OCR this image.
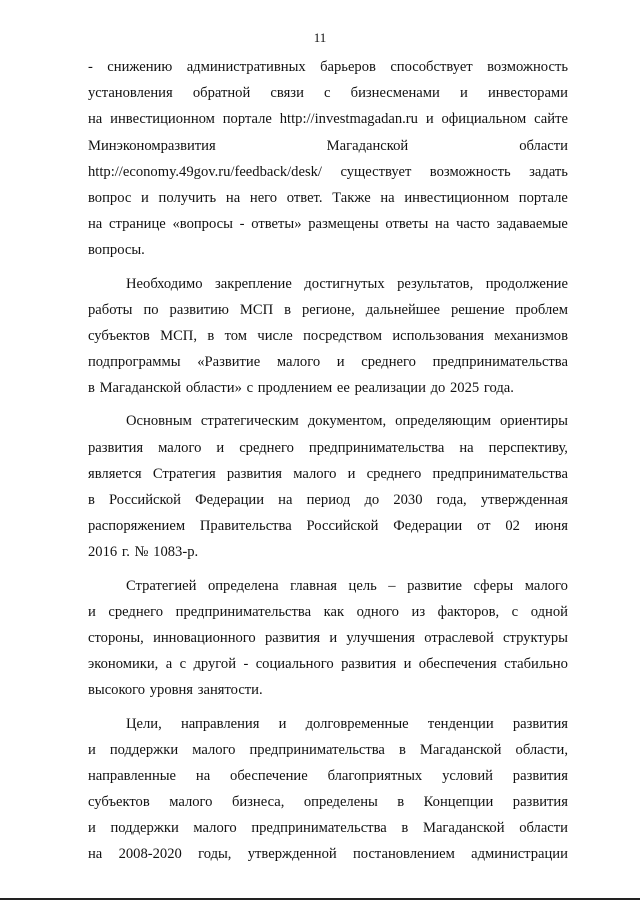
11
- снижению административных барьеров способствует возможность
установления обратной связи с бизнесменами и инвесторами
на инвестиционном портале http://investmagadan.ru и официальном сайте
Минэкономразвития	Магаданской	области
http://economy.49gov.ru/feedback/desk/ существует возможность задать
вопрос и получить на него ответ. Также на инвестиционном портале
на странице «вопросы - ответы» размещены ответы на часто задаваемые
вопросы.
Необходимо закрепление достигнутых результатов, продолжение
работы по развитию МСП в регионе, дальнейшее решение проблем
субъектов МСП, в том числе посредством использования механизмов
подпрограммы «Развитие малого и среднего предпринимательства
в Магаданской области» с продлением ее реализации до 2025 года.
Основным стратегическим документом, определяющим ориентиры
развития малого и среднего предпринимательства на перспективу,
является Стратегия развития малого и среднего предпринимательства
в Российской Федерации на период до 2030 года, утвержденная
распоряжением Правительства Российской Федерации от 02 июня
2016 г. № 1083-р.
Стратегией определена главная цель – развитие сферы малого
и среднего предпринимательства как одного из факторов, с одной
стороны, инновационного развития и улучшения отраслевой структуры
экономики, а с другой - социального развития и обеспечения стабильно
высокого уровня занятости.
Цели, направления и долговременные тенденции развития
и поддержки малого предпринимательства в Магаданской области,
направленные на обеспечение благоприятных условий развития
субъектов малого бизнеса, определены в Концепции развития
и поддержки малого предпринимательства в Магаданской области
на 2008-2020 годы, утвержденной постановлением администрации
